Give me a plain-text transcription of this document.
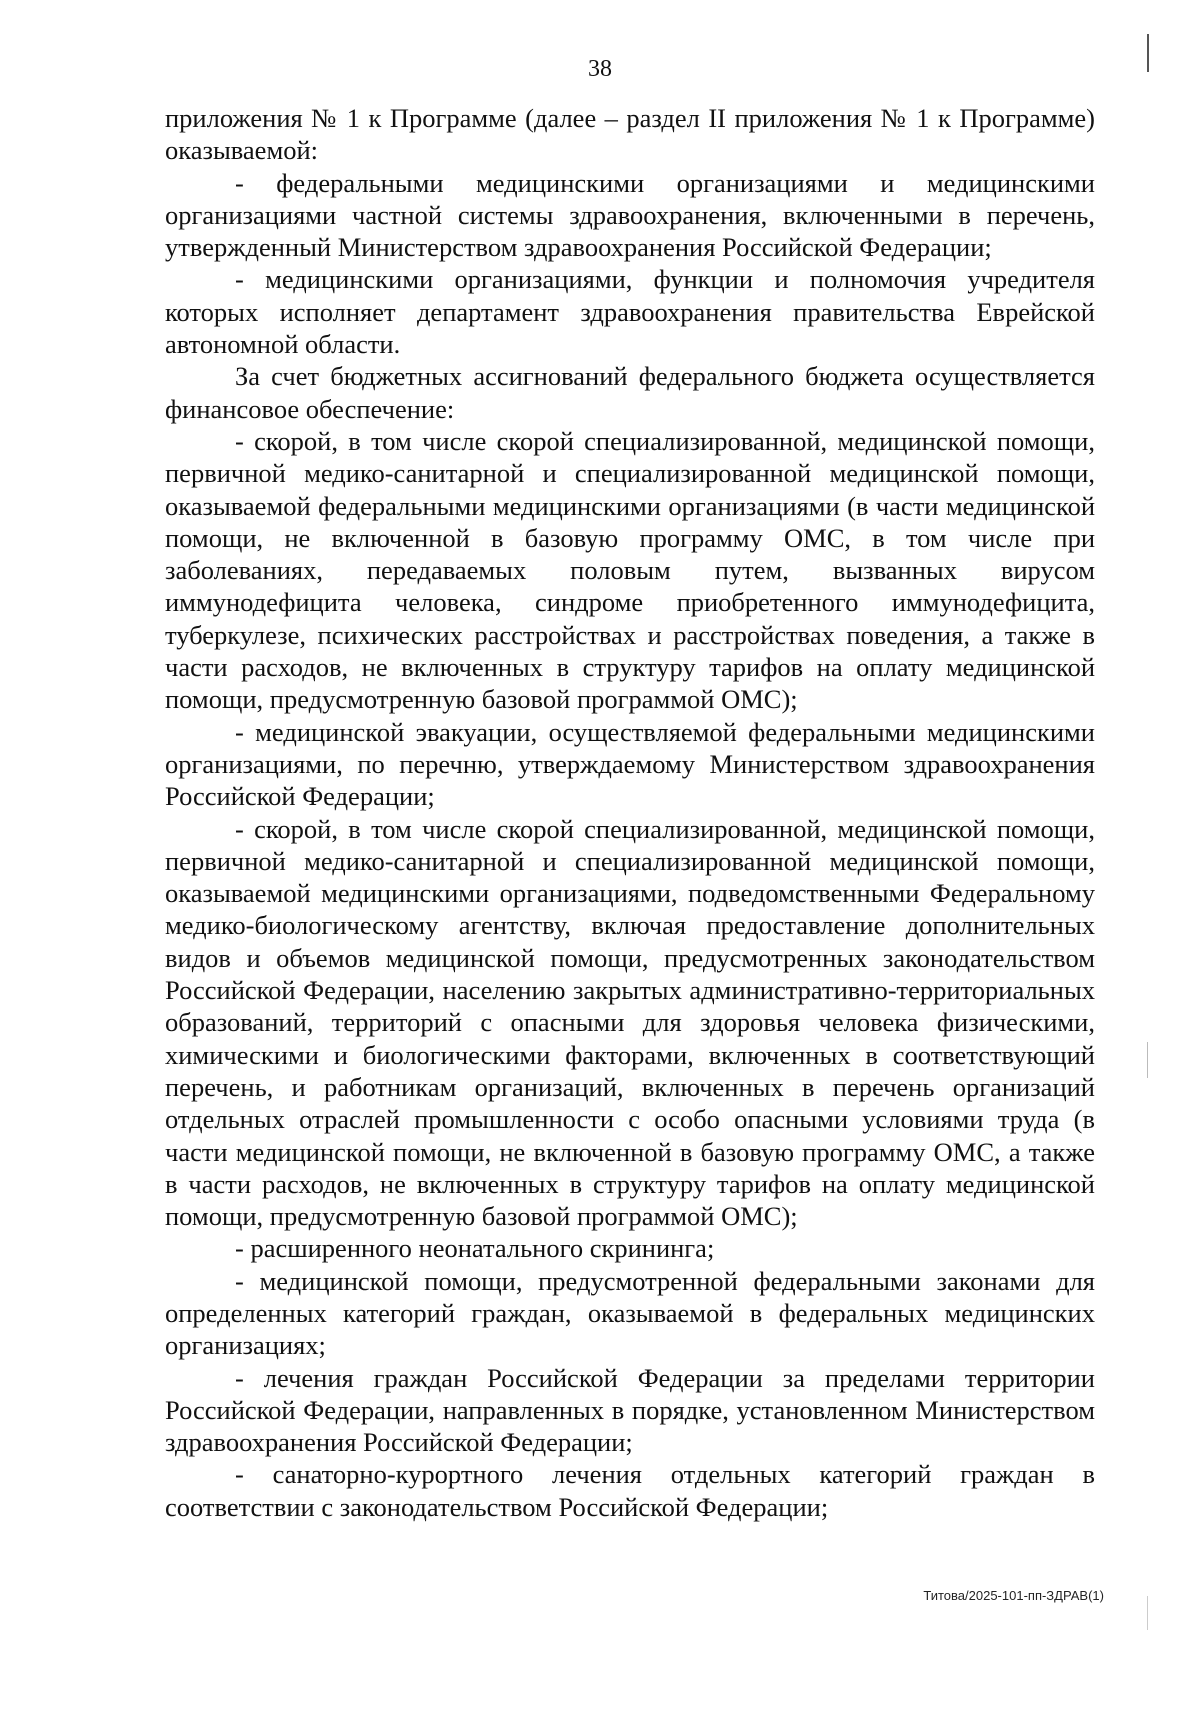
38

приложения № 1 к Программе (далее – раздел II приложения № 1 к Программе) оказываемой:

- федеральными медицинскими организациями и медицинскими организациями частной системы здравоохранения, включенными в перечень, утвержденный Министерством здравоохранения Российской Федерации;

- медицинскими организациями, функции и полномочия учредителя которых исполняет департамент здравоохранения правительства Еврейской автономной области.

За счет бюджетных ассигнований федерального бюджета осуществляется финансовое обеспечение:

- скорой, в том числе скорой специализированной, медицинской помощи, первичной медико-санитарной и специализированной медицинской помощи, оказываемой федеральными медицинскими организациями (в части медицинской помощи, не включенной в базовую программу ОМС, в том числе при заболеваниях, передаваемых половым путем, вызванных вирусом иммунодефицита человека, синдроме приобретенного иммунодефицита, туберкулезе, психических расстройствах и расстройствах поведения, а также в части расходов, не включенных в структуру тарифов на оплату медицинской помощи, предусмотренную базовой программой ОМС);

- медицинской эвакуации, осуществляемой федеральными медицинскими организациями, по перечню, утверждаемому Министерством здравоохранения Российской Федерации;

- скорой, в том числе скорой специализированной, медицинской помощи, первичной медико-санитарной и специализированной медицинской помощи, оказываемой медицинскими организациями, подведомственными Федеральному медико-биологическому агентству, включая предоставление дополнительных видов и объемов медицинской помощи, предусмотренных законодательством Российской Федерации, населению закрытых административно-территориальных образований, территорий с опасными для здоровья человека физическими, химическими и биологическими факторами, включенных в соответствующий перечень, и работникам организаций, включенных в перечень организаций отдельных отраслей промышленности с особо опасными условиями труда (в части медицинской помощи, не включенной в базовую программу ОМС, а также в части расходов, не включенных в структуру тарифов на оплату медицинской помощи, предусмотренную базовой программой ОМС);

- расширенного неонатального скрининга;

- медицинской помощи, предусмотренной федеральными законами для определенных категорий граждан, оказываемой в федеральных медицинских организациях;

- лечения граждан Российской Федерации за пределами территории Российской Федерации, направленных в порядке, установленном Министерством здравоохранения Российской Федерации;

- санаторно-курортного лечения отдельных категорий граждан в соответствии с законодательством Российской Федерации;

Титова/2025-101-пп-ЗДРАВ(1)
